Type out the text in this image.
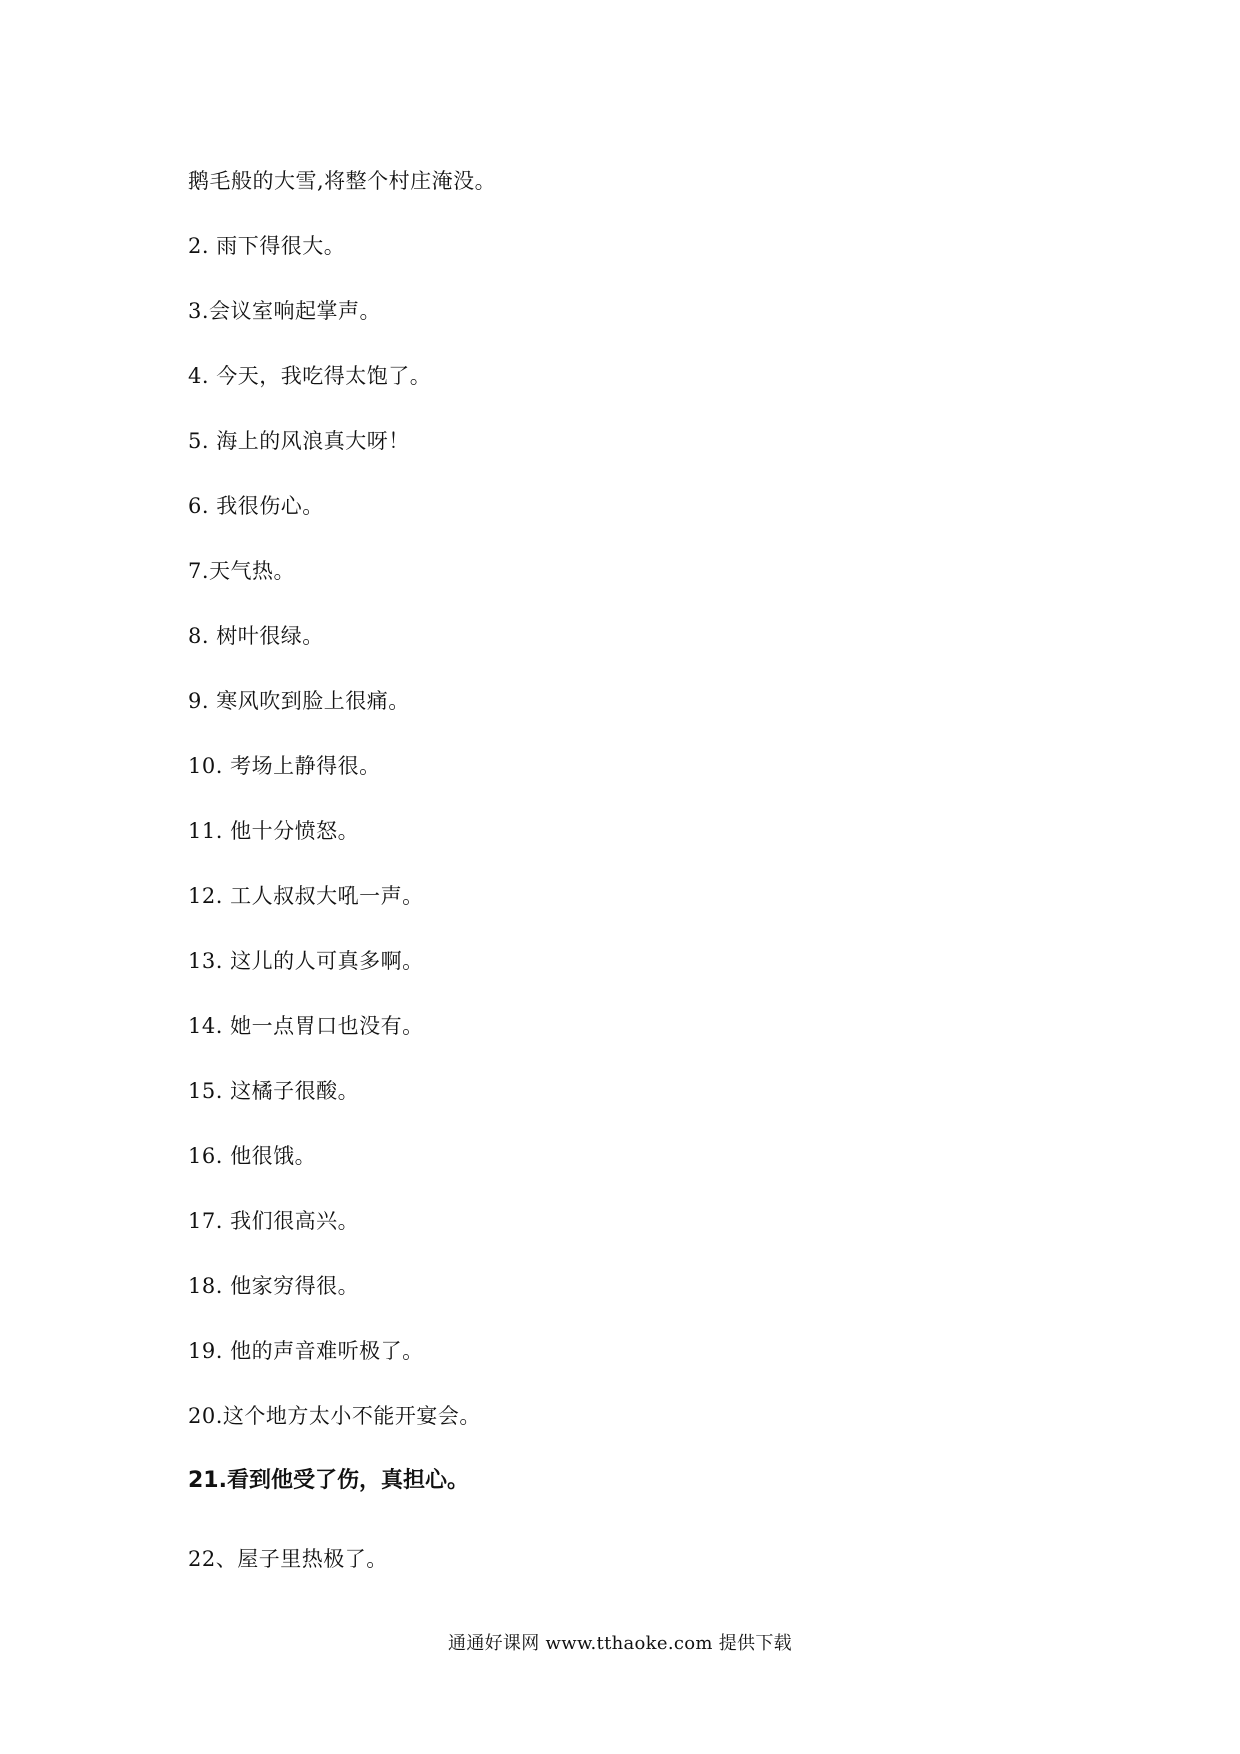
鹅毛般的大雪,将整个村庄淹没。
2. 雨下得很大。
3.会议室响起掌声。
4. 今天，我吃得太饱了。
5. 海上的风浪真大呀！
6. 我很伤心。
7.天气热。
8. 树叶很绿。
9. 寒风吹到脸上很痛。
10. 考场上静得很。
11. 他十分愤怒。
12. 工人叔叔大吼一声。
13. 这儿的人可真多啊。
14. 她一点胃口也没有。
15. 这橘子很酸。
16. 他很饿。
17. 我们很高兴。
18. 他家穷得很。
19. 他的声音难听极了。
20.这个地方太小不能开宴会。
21.看到他受了伤，真担心。
22、屋子里热极了。
通通好课网 www.tthaoke.com 提供下载
